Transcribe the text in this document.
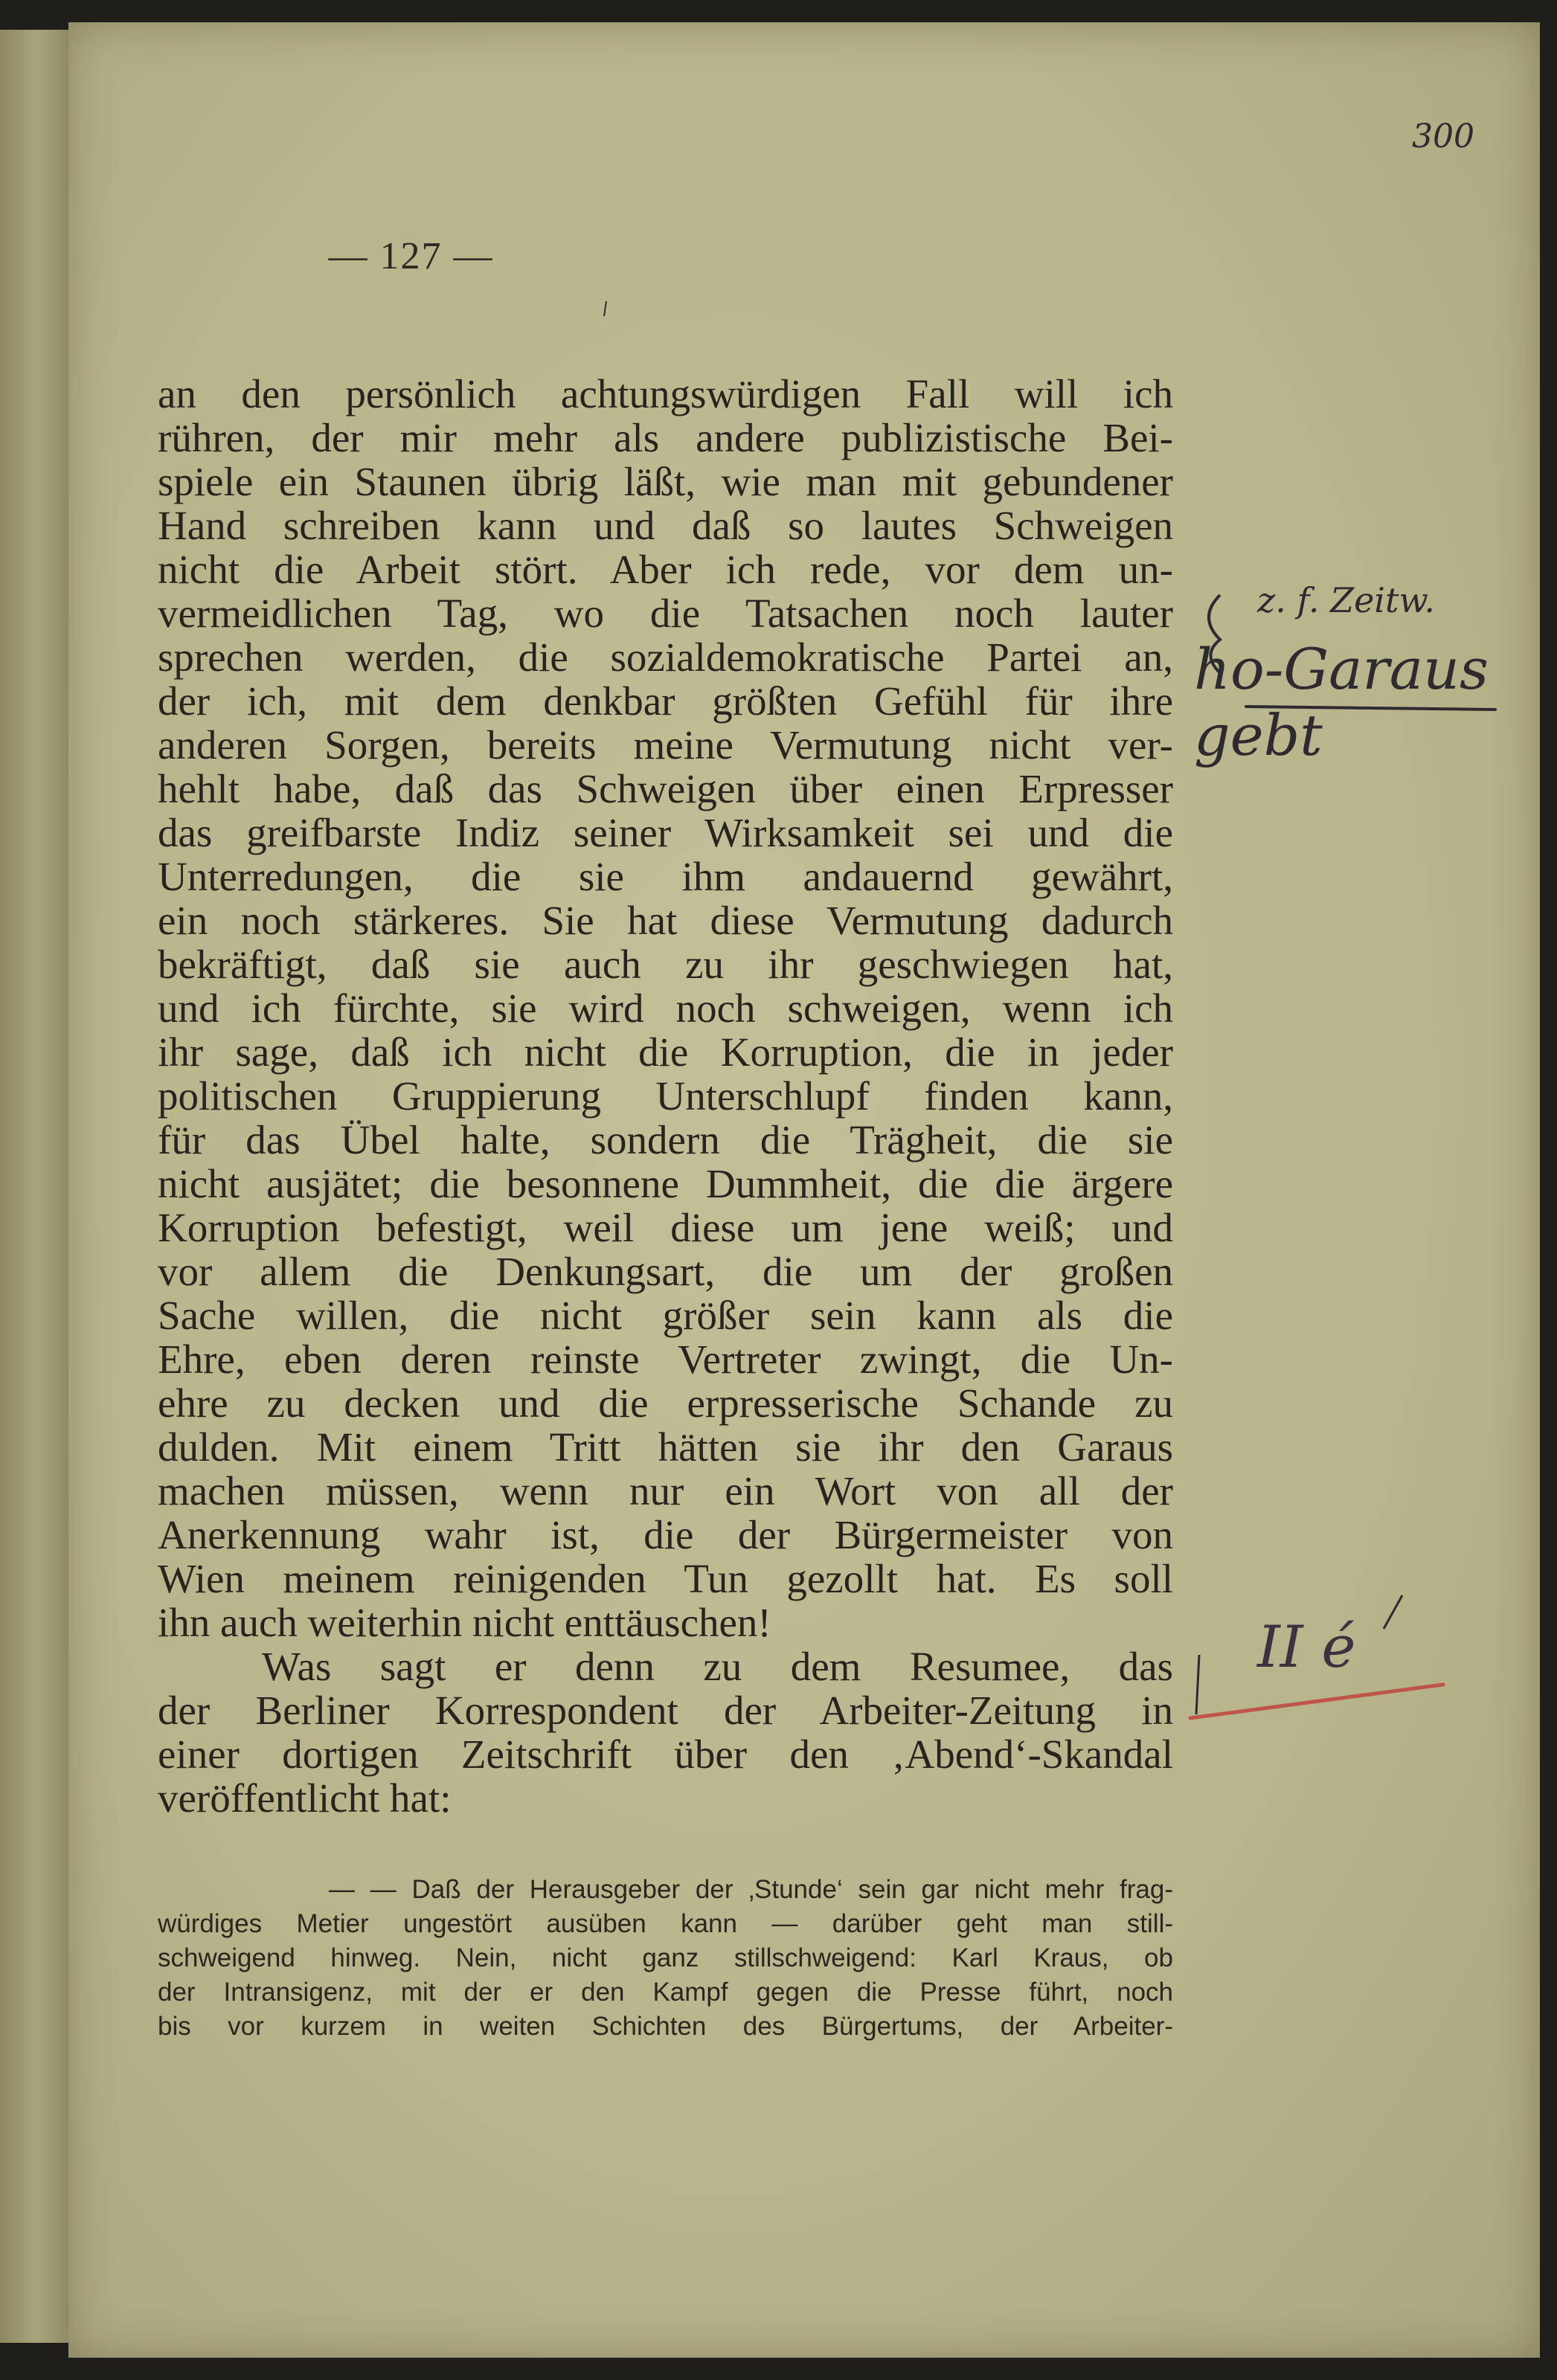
300
— 127 —
an den persönlich achtungswürdigen Fall will ich
rühren, der mir mehr als andere publizistische Bei-
spiele ein Staunen übrig läßt, wie man mit gebundener
Hand schreiben kann und daß so lautes Schweigen
nicht die Arbeit stört. Aber ich rede, vor dem un-
vermeidlichen Tag, wo die Tatsachen noch lauter
sprechen werden, die sozialdemokratische Partei an,
der ich, mit dem denkbar größten Gefühl für ihre
anderen Sorgen, bereits meine Vermutung nicht ver-
hehlt habe, daß das Schweigen über einen Erpresser
das greifbarste Indiz seiner Wirksamkeit sei und die
Unterredungen, die sie ihm andauernd gewährt,
ein noch stärkeres. Sie hat diese Vermutung dadurch
bekräftigt, daß sie auch zu ihr geschwiegen hat,
und ich fürchte, sie wird noch schweigen, wenn ich
ihr sage, daß ich nicht die Korruption, die in jeder
politischen Gruppierung Unterschlupf finden kann,
für das Übel halte, sondern die Trägheit, die sie
nicht ausjätet; die besonnene Dummheit, die die ärgere
Korruption befestigt, weil diese um jene weiß; und
vor allem die Denkungsart, die um der großen
Sache willen, die nicht größer sein kann als die
Ehre, eben deren reinste Vertreter zwingt, die Un-
ehre zu decken und die erpresserische Schande zu
dulden. Mit einem Tritt hätten sie ihr den Garaus
machen müssen, wenn nur ein Wort von all der
Anerkennung wahr ist, die der Bürgermeister von
Wien meinem reinigenden Tun gezollt hat. Es soll
ihn auch weiterhin nicht enttäuschen!
Was sagt er denn zu dem Resumee, das
der Berliner Korrespondent der Arbeiter-Zeitung in
einer dortigen Zeitschrift über den ‚Abend‘-Skandal
veröffentlicht hat:
— — Daß der Herausgeber der ‚Stunde‘ sein gar nicht mehr frag-
würdiges Metier ungestört ausüben kann — darüber geht man still-
schweigend hinweg. Nein, nicht ganz stillschweigend: Karl Kraus, ob
der Intransigenz, mit der er den Kampf gegen die Presse führt, noch
bis vor kurzem in weiten Schichten des Bürgertums, der Arbeiter-
z. f. Zeitw.
ho-Garaus gebt
II é
